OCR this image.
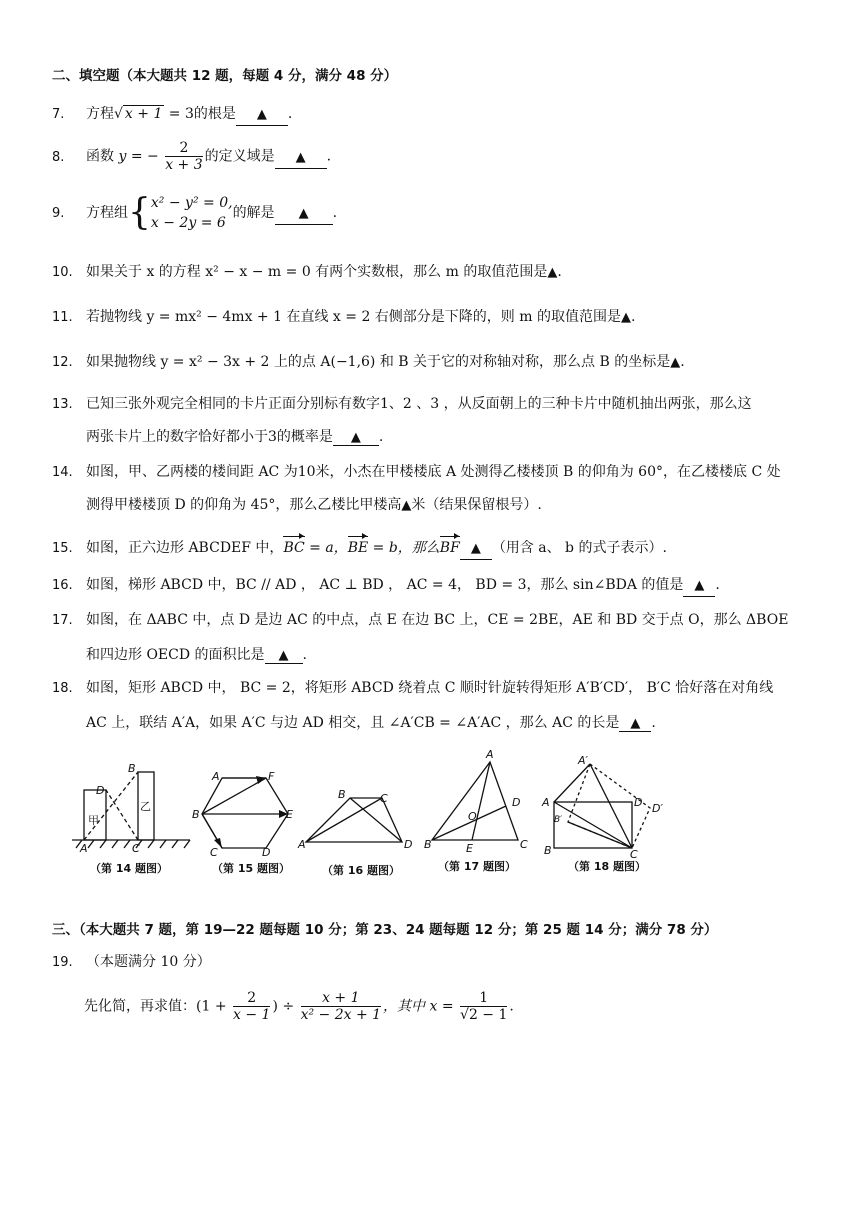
二、填空题（本大题共 12 题，每题 4 分，满分 48 分）
7. 方程√ x + 1 = 3的根是 ▲ .
8. 函数 y = − $\frac{2}{x + 3}$ 的定义域是 ▲ .
9. 方程组{ x² − y² = 0,
x − 2y = 6
的解是 ▲ .
10. 如果关于 x 的方程 x² − x − m = 0 有两个实数根，那么 m 的取值范围是▲.
11. 若抛物线 y = mx² − 4mx + 1 在直线 x = 2 右侧部分是下降的，则 m 的取值范围是▲.
12. 如果抛物线 y = x² − 3x + 2 上的点 A(−1,6) 和 B 关于它的对称轴对称，那么点 B 的坐标是▲.
13. 已知三张外观完全相同的卡片正面分别标有数字1、2 、3 ，从反面朝上的三种卡片中随机抽出两张，那么这
两张卡片上的数字恰好都小于3的概率是 ▲ .
14. 如图，甲、乙两楼的楼间距 AC 为10米，小杰在甲楼楼底 A 处测得乙楼楼顶 B 的仰角为 60°，在乙楼楼底 C 处
测得甲楼楼顶 D 的仰角为 45°，那么乙楼比甲楼高▲米（结果保留根号）.
15. 如图，正六边形 ABCDEF 中，BC = a，BE = b，那么BF ▲ （用含 a、 b 的式子表示）.
16. 如图，梯形 ABCD 中，BC // AD ， AC ⊥ BD ， AC = 4， BD = 3，那么 sin∠BDA 的值是 ▲ .
17. 如图，在 ΔABC 中，点 D 是边 AC 的中点，点 E 在边 BC 上，CE = 2BE，AE 和 BD 交于点 O，那么 ΔBOE
和四边形 OECD 的面积比是 ▲ .
18. 如图，矩形 ABCD 中， BC = 2，将矩形 ABCD 绕着点 C 顺时针旋转得矩形 A′B′CD′， B′C 恰好落在对角线
AC 上，联结 A′A，如果 A′C 与边 AD 相交，且 ∠A′CB = ∠A′AC ，那么 AC 的长是 ▲ .
A
B
C
D
甲
乙
A
B
C	D
E
F
A
B	C
D
A
B	C
D
E
O
A
B	C
D
A′
B′
D′
（第 14 题图）	（第 15 题图）	（第 16 题图）	（第 17 题图）	（第 18 题图）
三、（本大题共 7 题，第 19—22 题每题 10 分；第 23、24 题每题 12 分；第 25 题 14 分；满分 78 分）
19. （本题满分 10 分）
先化简，再求值：($1 + \frac{2}{x - 1}$ ) ÷ $\frac{x + 1}{\text{x² − 2x + 1}}$ ，其中 $x = \frac{1}{√2 - 1}$ .
